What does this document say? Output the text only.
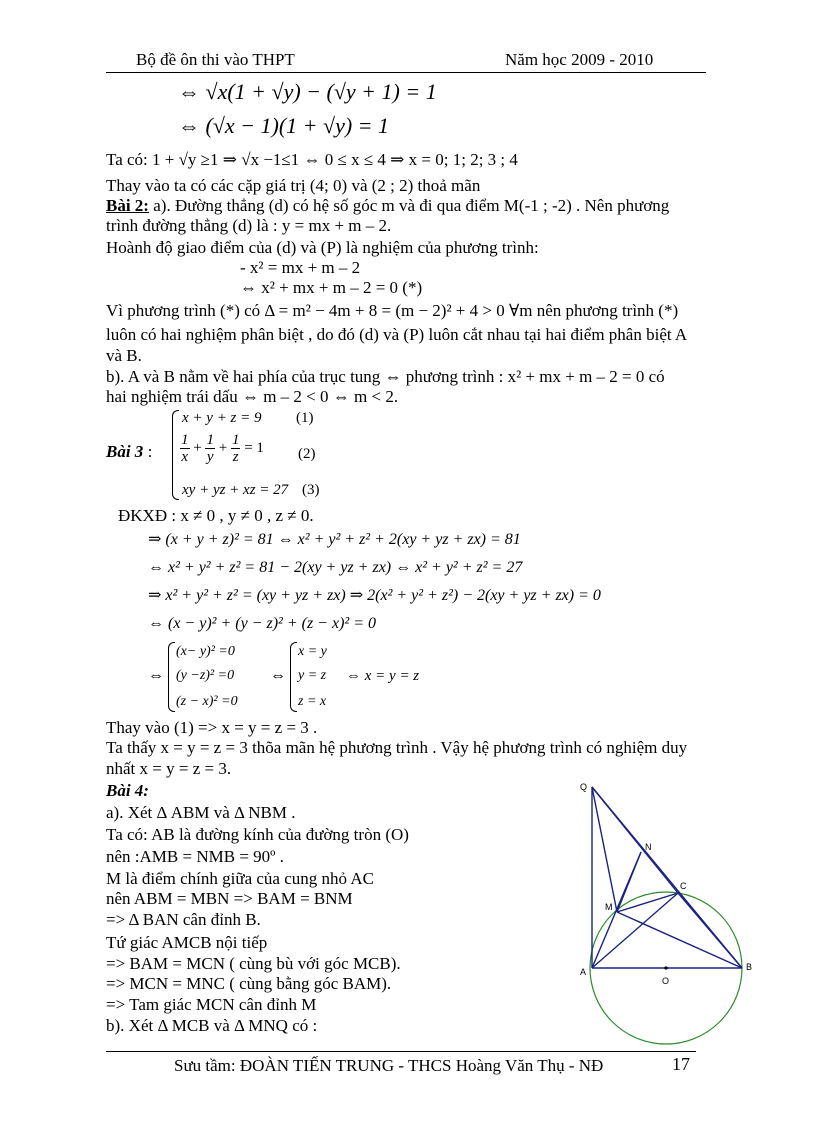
Bộ đề ôn thi vào THPT	Năm học 2009 - 2010
⇔ √x(1 + √y) − (√y + 1) = 1
⇔ (√x − 1)(1 + √y) = 1
Ta có: 1 + √y ≥1 ⇒ √x −1≤1 ⇔ 0 ≤ x ≤ 4 ⇒ x = 0; 1; 2; 3 ; 4
Thay vào ta có các cặp giá trị (4; 0) và (2 ; 2) thoả mãn
Bài 2: a). Đường thẳng (d) có hệ số góc m và đi qua điểm M(-1 ; -2) . Nên phương
trình đường thẳng (d) là : y = mx + m – 2.
Hoành độ giao điểm của (d) và (P) là nghiệm của phương trình:
- x² = mx + m – 2
⇔ x² + mx + m – 2 = 0 (*)
Vì phương trình (*) có Δ = m² − 4m + 8 = (m − 2)² + 4 > 0 ∀m nên phương trình (*)
luôn có hai nghiệm phân biệt , do đó (d) và (P) luôn cắt nhau tại hai điểm phân biệt A
và B.
b). A và B nằm về hai phía của trục tung ⇔ phương trình : x² + mx + m – 2 = 0 có
hai nghiệm trái dấu ⇔ m – 2 < 0 ⇔ m < 2.
Bài 3 :
x + y + z = 9 (1)
$\frac{1}{x} + \frac{1}{y} + \frac{1}{z} = 1$ (2)
xy + yz + xz = 27 (3)
ĐKXĐ : x ≠ 0 , y ≠ 0 , z ≠ 0.
⇒ (x + y + z)² = 81 ⇔ x² + y² + z² + 2(xy + yz + zx) = 81
⇔ x² + y² + z² = 81 − 2(xy + yz + zx) ⇔ x² + y² + z² = 27
⇒ x² + y² + z² = (xy + yz + zx) ⇒ 2(x² + y² + z²) − 2(xy + yz + zx) = 0
⇔ (x − y)² + (y − z)² + (z − x)² = 0
⇔
(x− y)² =0
(y −z)² =0
(z − x)² =0
⇔
x = y
y = z
z = x
⇔ x = y = z
Thay vào (1) => x = y = z = 3 .
Ta thấy x = y = z = 3 thõa mãn hệ phương trình . Vậy hệ phương trình có nghiệm duy
nhất x = y = z = 3.
Bài 4:
a). Xét Δ ABM và Δ NBM .
Ta có: AB là đường kính của đường tròn (O)
nên :AMB = NMB = 90º .
M là điểm chính giữa của cung nhỏ AC
nên ABM = MBN => BAM = BNM
=> Δ BAN cân đỉnh B.
Tứ giác AMCB nội tiếp
=> BAM = MCN ( cùng bù với góc MCB).
=> MCN = MNC ( cùng bằng góc BAM).
=> Tam giác MCN cân đỉnh M
b). Xét Δ MCB và Δ MNQ có :
Q
N
C
M
A
O
B
Sưu tầm: ĐOÀN TIẾN TRUNG - THCS Hoàng Văn Thụ - NĐ	17
